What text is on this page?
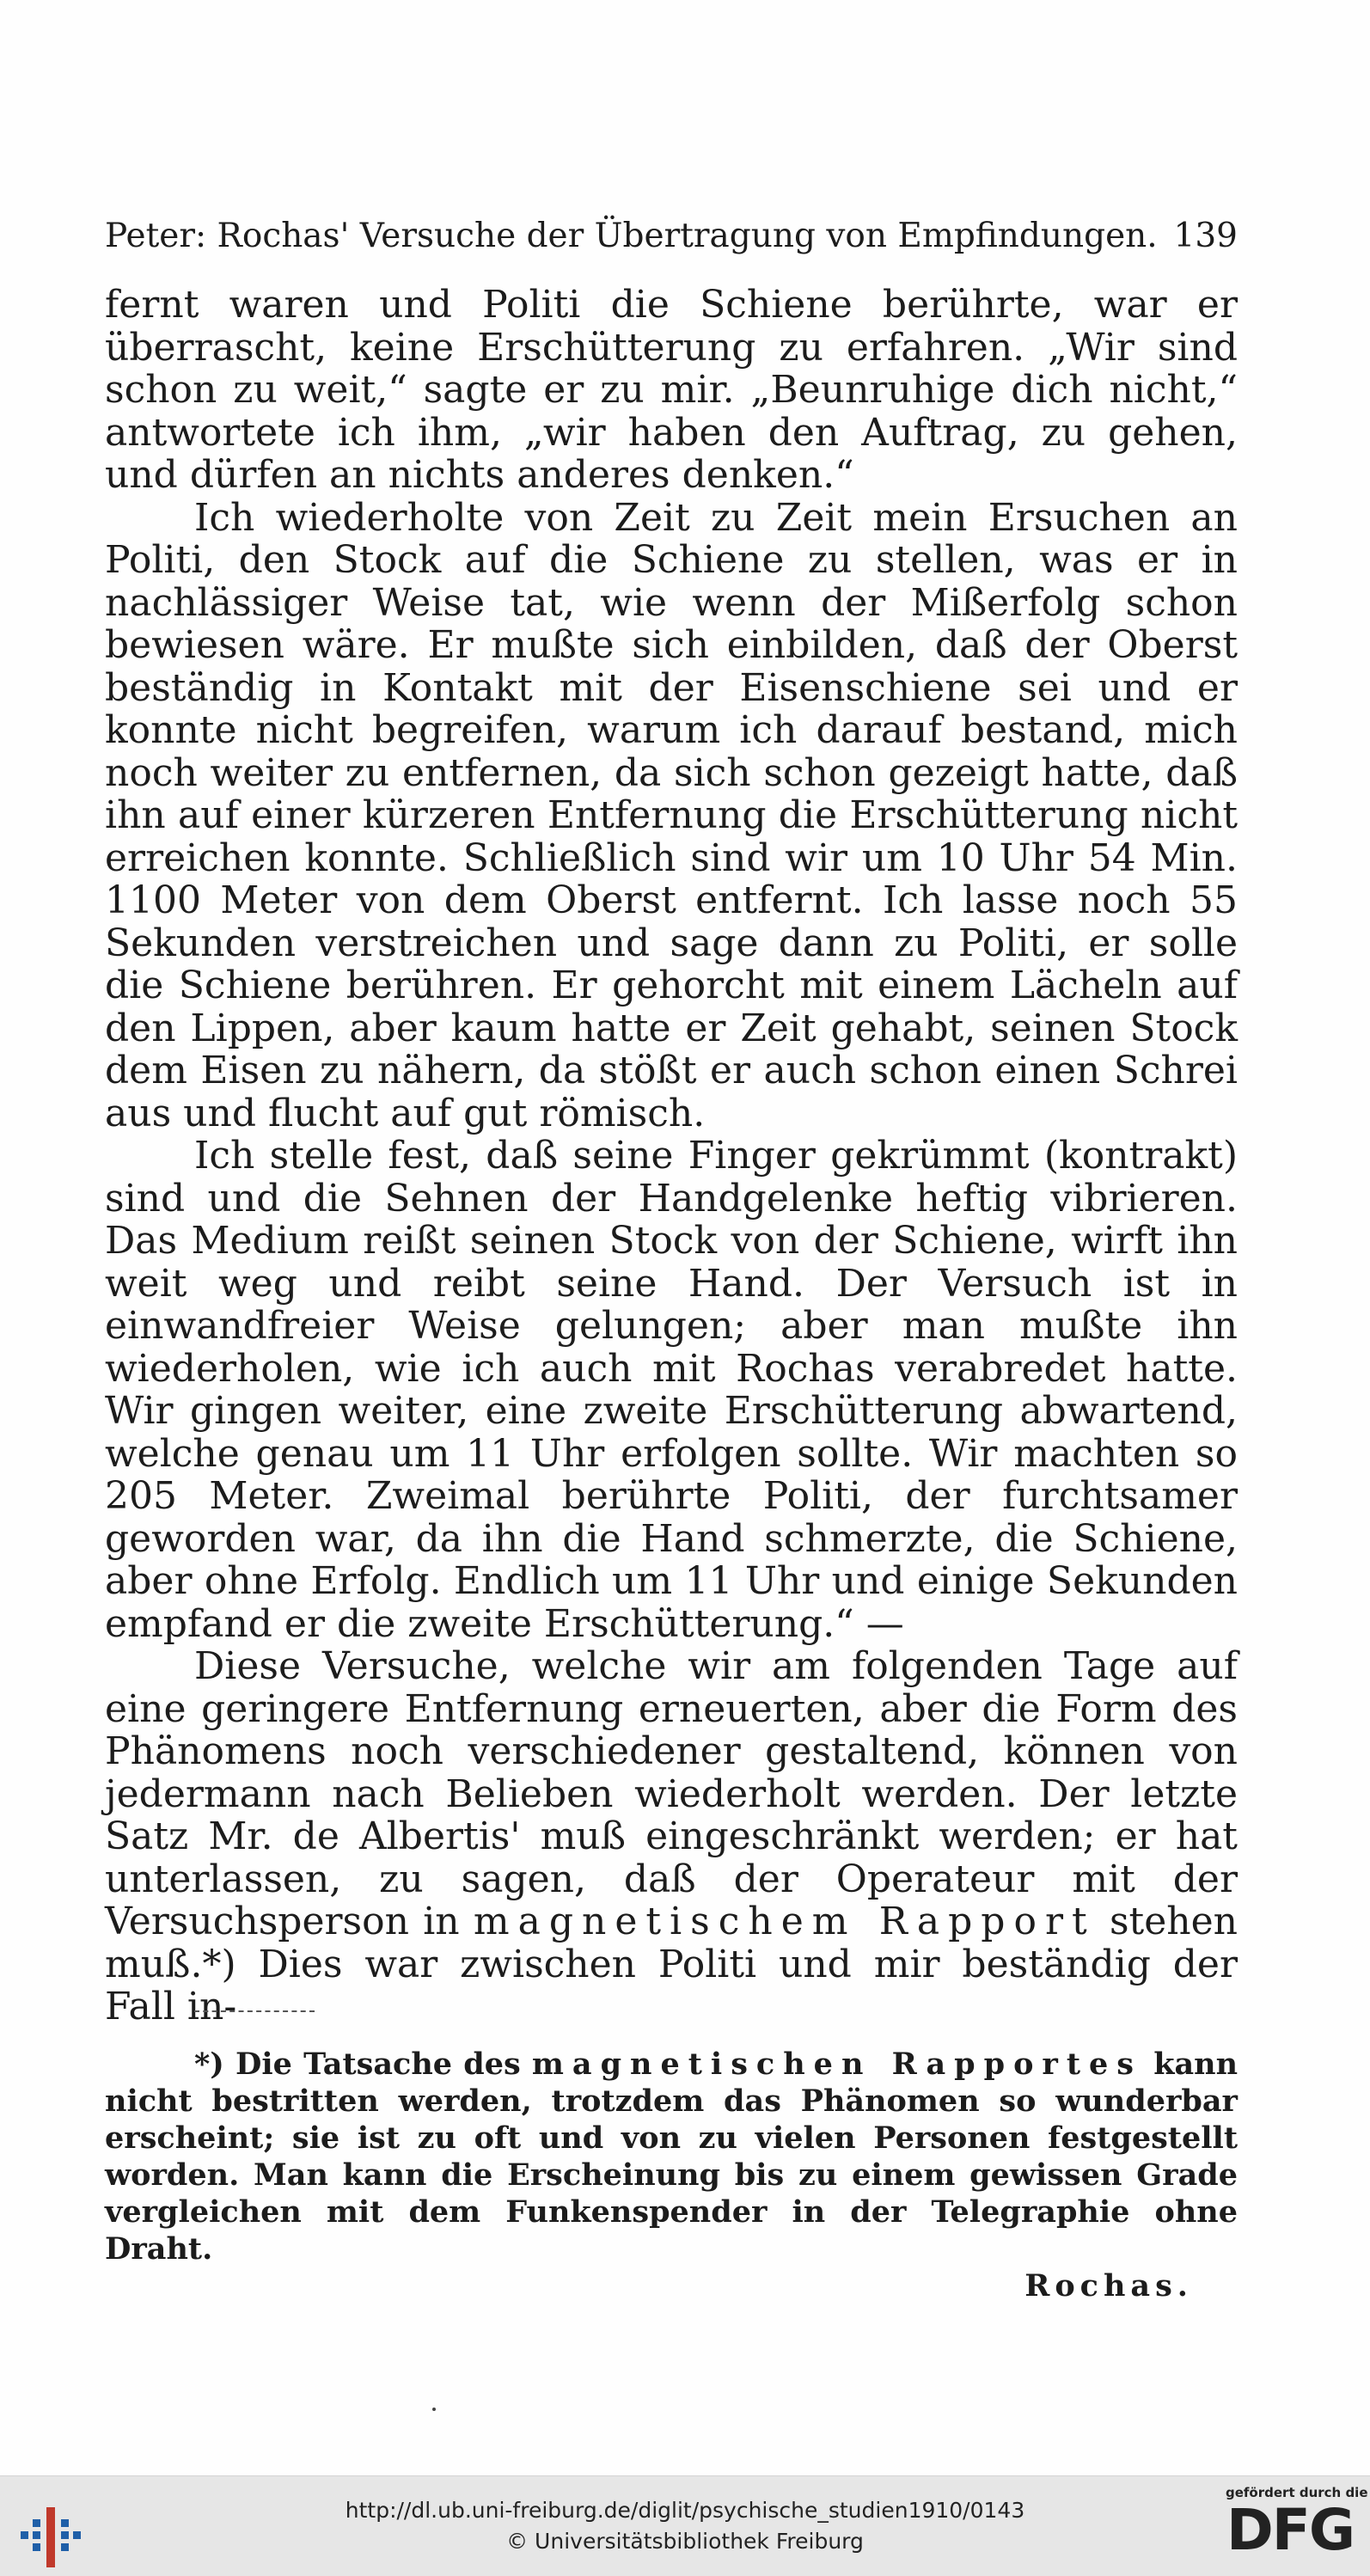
Peter: Rochas' Versuche der Übertragung von Empfindungen. 139

fernt waren und Politi die Schiene berührte, war er überrascht, keine Erschütterung zu erfahren. „Wir sind schon zu weit,“ sagte er zu mir. „Beunruhige dich nicht,“ antwortete ich ihm, „wir haben den Auftrag, zu gehen, und dürfen an nichts anderes denken.“

Ich wiederholte von Zeit zu Zeit mein Ersuchen an Politi, den Stock auf die Schiene zu stellen, was er in nachlässiger Weise tat, wie wenn der Mißerfolg schon bewiesen wäre. Er mußte sich einbilden, daß der Oberst beständig in Kontakt mit der Eisenschiene sei und er konnte nicht begreifen, warum ich darauf bestand, mich noch weiter zu entfernen, da sich schon gezeigt hatte, daß ihn auf einer kürzeren Entfernung die Erschütterung nicht erreichen konnte. Schließlich sind wir um 10 Uhr 54 Min. 1100 Meter von dem Oberst entfernt. Ich lasse noch 55 Sekunden verstreichen und sage dann zu Politi, er solle die Schiene berühren. Er gehorcht mit einem Lächeln auf den Lippen, aber kaum hatte er Zeit gehabt, seinen Stock dem Eisen zu nähern, da stößt er auch schon einen Schrei aus und flucht auf gut römisch.

Ich stelle fest, daß seine Finger gekrümmt (kontrakt) sind und die Sehnen der Handgelenke heftig vibrieren. Das Medium reißt seinen Stock von der Schiene, wirft ihn weit weg und reibt seine Hand. Der Versuch ist in einwandfreier Weise gelungen; aber man mußte ihn wiederholen, wie ich auch mit Rochas verabredet hatte. Wir gingen weiter, eine zweite Erschütterung abwartend, welche genau um 11 Uhr erfolgen sollte. Wir machten so 205 Meter. Zweimal berührte Politi, der furchtsamer geworden war, da ihn die Hand schmerzte, die Schiene, aber ohne Erfolg. Endlich um 11 Uhr und einige Sekunden empfand er die zweite Erschütterung.“ —

Diese Versuche, welche wir am folgenden Tage auf eine geringere Entfernung erneuerten, aber die Form des Phänomens noch verschiedener gestaltend, können von jedermann nach Belieben wiederholt werden. Der letzte Satz Mr. de Albertis' muß eingeschränkt werden; er hat unterlassen, zu sagen, daß der Operateur mit der Versuchsperson in magnetischem Rapport stehen muß.*) Dies war zwischen Politi und mir beständig der Fall in-

*) Die Tatsache des magnetischen Rapportes kann nicht bestritten werden, trotzdem das Phänomen so wunderbar erscheint; sie ist zu oft und von zu vielen Personen festgestellt worden. Man kann die Erscheinung bis zu einem gewissen Grade vergleichen mit dem Funkenspender in der Telegraphie ohne Draht.

Rochas.

http://dl.ub.uni-freiburg.de/diglit/psychische_studien1910/0143
© Universitätsbibliothek Freiburg
gefördert durch die
DFG
